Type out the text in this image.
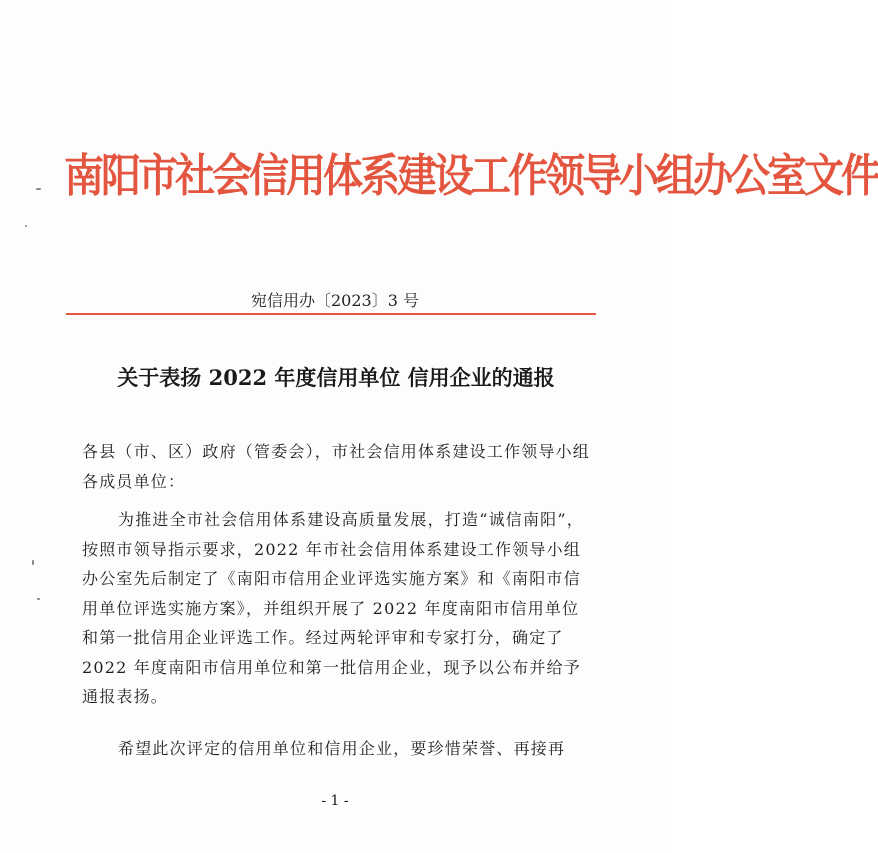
南阳市社会信用体系建设工作领导小组办公室文件
宛信用办〔2023〕3 号
关于表扬 2022 年度信用单位 信用企业的通报
各县（市、区）政府（管委会），市社会信用体系建设工作领导小组各成员单位：
为推进全市社会信用体系建设高质量发展，打造“诚信南阳”，按照市领导指示要求，2022 年市社会信用体系建设工作领导小组办公室先后制定了《南阳市信用企业评选实施方案》和《南阳市信用单位评选实施方案》，并组织开展了 2022 年度南阳市信用单位和第一批信用企业评选工作。经过两轮评审和专家打分，确定了 2022 年度南阳市信用单位和第一批信用企业，现予以公布并给予通报表扬。
希望此次评定的信用单位和信用企业，要珍惜荣誉、再接再
- 1 -
